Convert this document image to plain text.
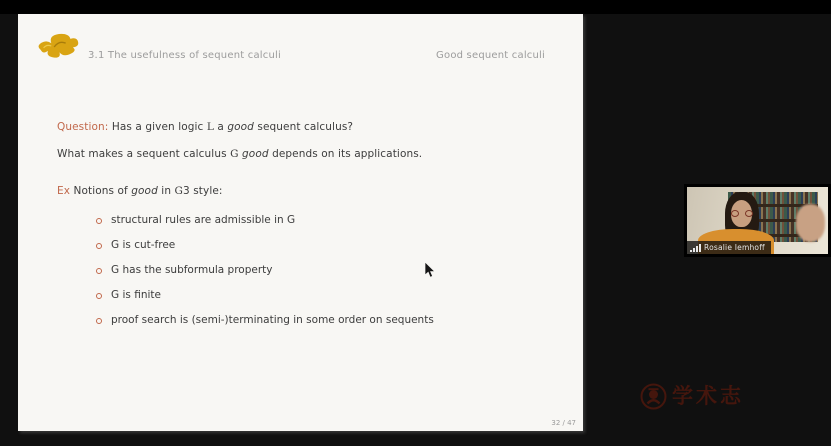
3.1 The usefulness of sequent calculi	Good sequent calculi
Question: Has a given logic L a good sequent calculus?
What makes a sequent calculus G good depends on its applications.
Ex Notions of good in G3 style:
structural rules are admissible in G
G is cut-free
G has the subformula property
G is finite
proof search is (semi-)terminating in some order on sequents
32 / 47
Rosalie Iemhoff
学术志
